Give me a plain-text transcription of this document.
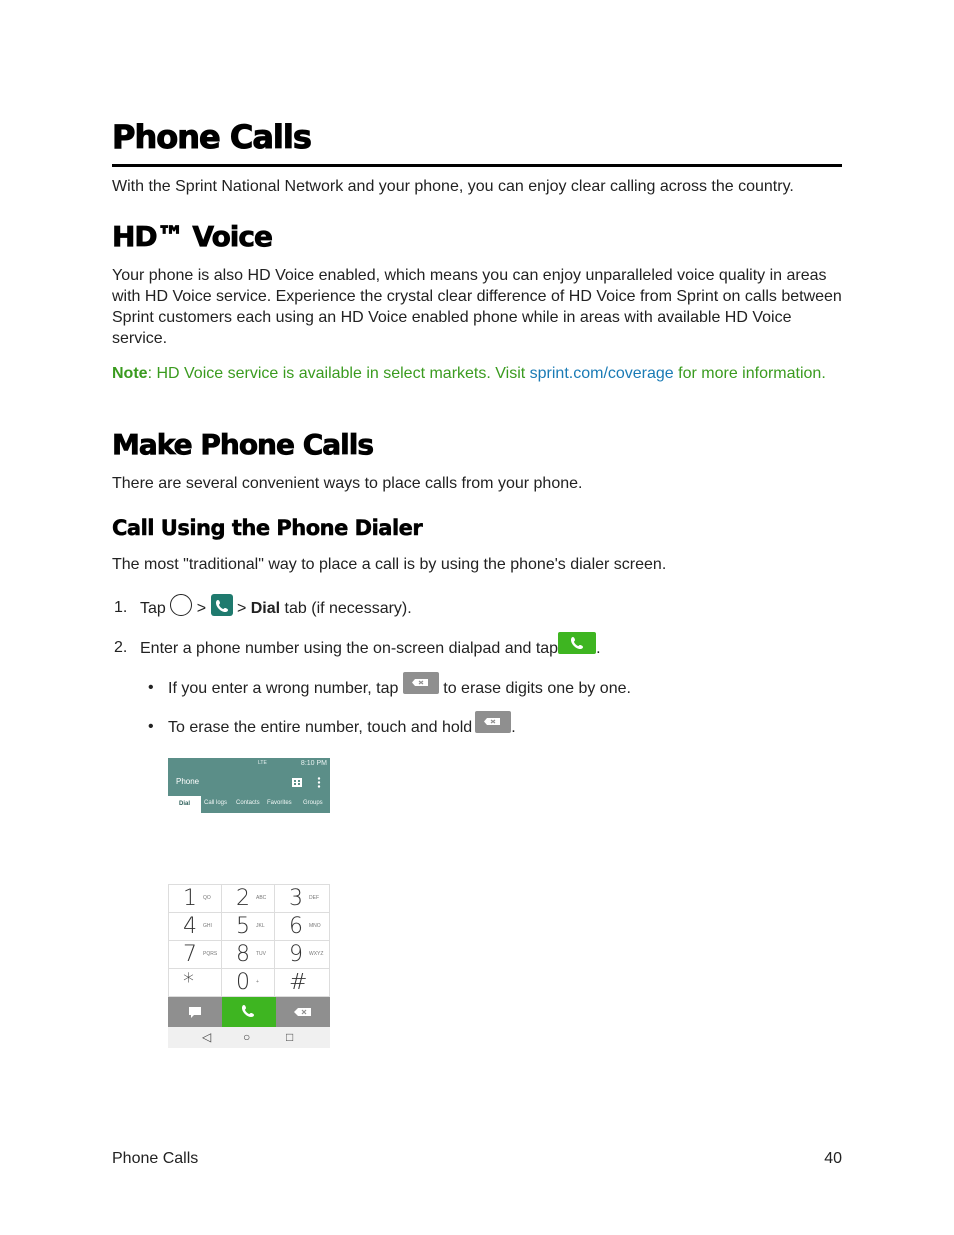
Phone Calls

With the Sprint National Network and your phone, you can enjoy clear calling across the country.

HD™ Voice

Your phone is also HD Voice enabled, which means you can enjoy unparalleled voice quality in areas with HD Voice service. Experience the crystal clear difference of HD Voice from Sprint on calls between Sprint customers each using an HD Voice enabled phone while in areas with available HD Voice service.

Note: HD Voice service is available in select markets. Visit sprint.com/coverage for more information.

Make Phone Calls

There are several convenient ways to place calls from your phone.

Call Using the Phone Dialer

The most "traditional" way to place a call is by using the phone's dialer screen.

1. Tap > > Dial tab (if necessary).
2. Enter a phone number using the on-screen dialpad and tap .
• If you enter a wrong number, tap	to erase digits one by one.
• To erase the entire number, touch and hold .
LTE	8:10 PM
Phone
Dial	Call logs Contacts Favorites Groups
1 QO 2 ABC 3 DEF
4 GHI 5 JKL 6 MNO
7 PQRS 8 TUV 9 WXYZ
* 0 + #
◁	○	□
Phone Calls	40
